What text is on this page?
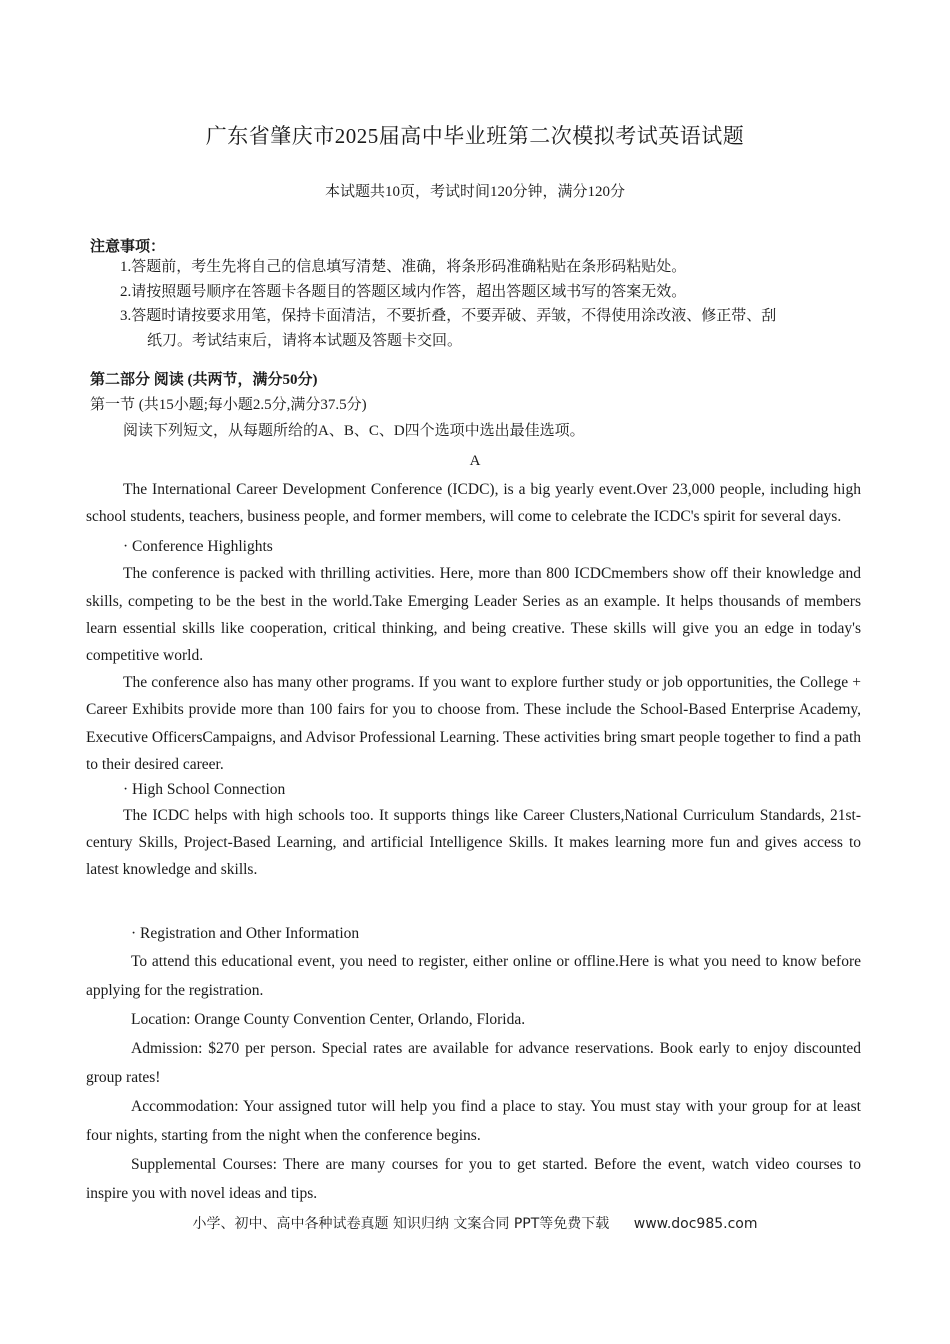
广东省肇庆市2025届高中毕业班第二次模拟考试英语试题
本试题共10页，考试时间120分钟，满分120分
注意事项：
1.答题前，考生先将自己的信息填写清楚、准确，将条形码准确粘贴在条形码粘贴处。
2.请按照题号顺序在答题卡各题目的答题区域内作答，超出答题区域书写的答案无效。
3.答题时请按要求用笔，保持卡面清洁，不要折叠，不要弄破、弄皱，不得使用涂改液、修正带、刮
纸刀。考试结束后，请将本试题及答题卡交回。
第二部分 阅读 (共两节，满分50分)
第一节 (共15小题;每小题2.5分,满分37.5分)
阅读下列短文，从每题所给的A、B、C、D四个选项中选出最佳选项。
A

The International Career Development Conference (ICDC), is a big yearly event.Over 23,000 people, including high school students, teachers, business people, and former members, will come to celebrate the ICDC's spirit for several days.

· Conference Highlights

The conference is packed with thrilling activities. Here, more than 800 ICDCmembers show off their knowledge and skills, competing to be the best in the world.Take Emerging Leader Series as an example. It helps thousands of members learn essential skills like cooperation, critical thinking, and being creative. These skills will give you an edge in today's competitive world.

The conference also has many other programs. If you want to explore further study or job opportunities, the College + Career Exhibits provide more than 100 fairs for you to choose from. These include the School-Based Enterprise Academy, Executive OfficersCampaigns, and Advisor Professional Learning. These activities bring smart people together to find a path to their desired career.

· High School Connection

The ICDC helps with high schools too. It supports things like Career Clusters,National Curriculum Standards, 21st-century Skills, Project-Based Learning, and artificial Intelligence Skills. It makes learning more fun and gives access to latest knowledge and skills.

· Registration and Other Information

To attend this educational event, you need to register, either online or offline.Here is what you need to know before applying for the registration.

Location: Orange County Convention Center, Orlando, Florida.

Admission: $270 per person. Special rates are available for advance reservations. Book early to enjoy discounted group rates!

Accommodation: Your assigned tutor will help you find a place to stay. You must stay with your group for at least four nights, starting from the night when the conference begins.

Supplemental Courses: There are many courses for you to get started. Before the event, watch video courses to inspire you with novel ideas and tips.

小学、初中、高中各种试卷真题 知识归纳 文案合同 PPT等免费下载 www.doc985.com
